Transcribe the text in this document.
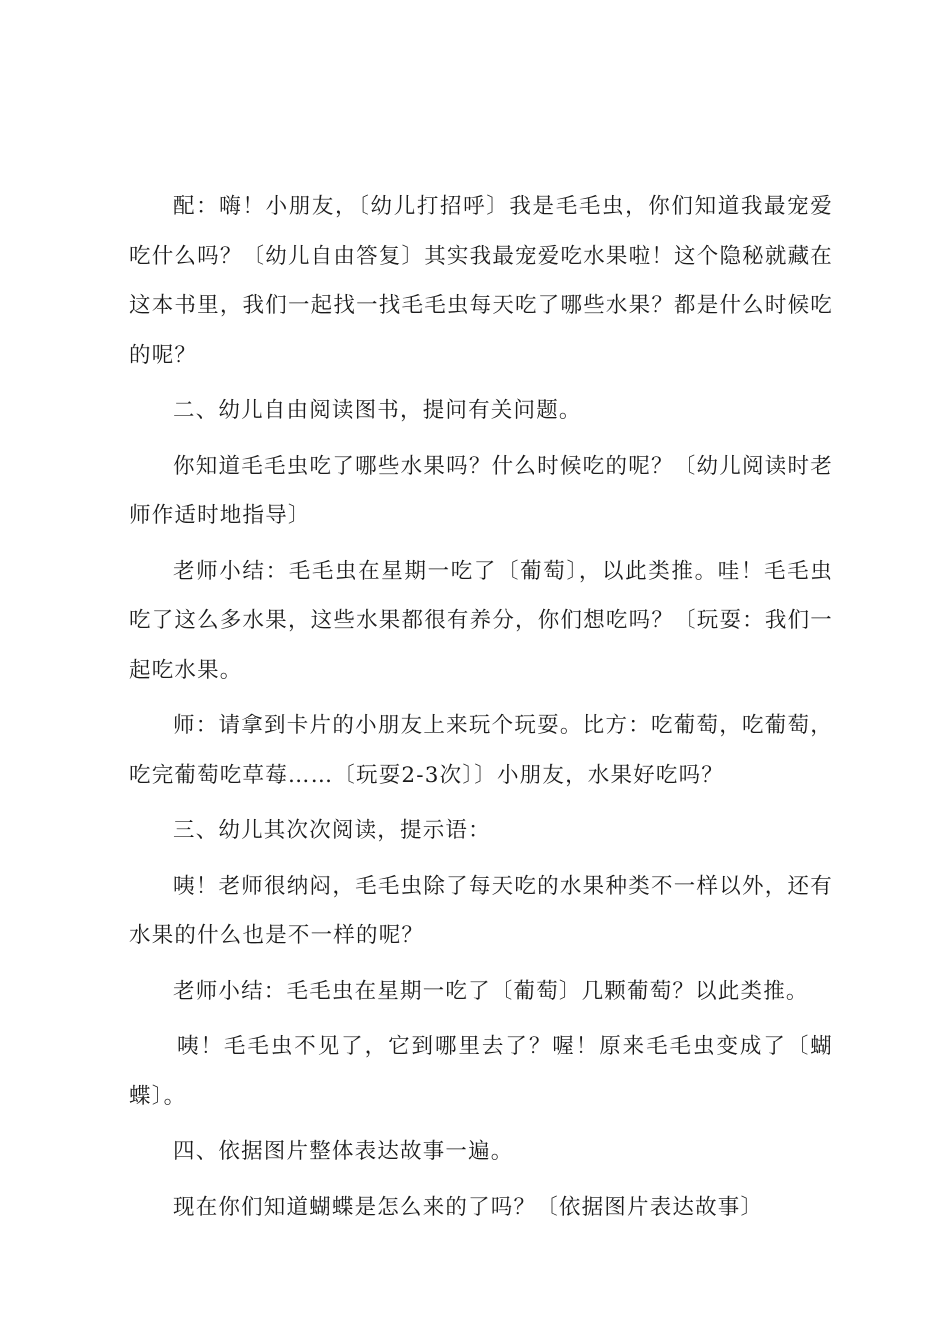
配：嗨！小朋友，〔幼儿打招呼〕我是毛毛虫，你们知道我最宠爱吃什么吗？〔幼儿自由答复〕其实我最宠爱吃水果啦！这个隐秘就藏在这本书里，我们一起找一找毛毛虫每天吃了哪些水果？都是什么时候吃的呢？

二、幼儿自由阅读图书，提问有关问题。

你知道毛毛虫吃了哪些水果吗？什么时候吃的呢？〔幼儿阅读时老师作适时地指导〕

老师小结：毛毛虫在星期一吃了〔葡萄〕，以此类推。哇！毛毛虫吃了这么多水果，这些水果都很有养分，你们想吃吗？〔玩耍：我们一起吃水果。

师：请拿到卡片的小朋友上来玩个玩耍。比方：吃葡萄，吃葡萄，吃完葡萄吃草莓……〔玩耍2-3次〕〕小朋友，水果好吃吗？

三、幼儿其次次阅读，提示语：

咦！老师很纳闷，毛毛虫除了每天吃的水果种类不一样以外，还有水果的什么也是不一样的呢？

老师小结：毛毛虫在星期一吃了〔葡萄〕几颗葡萄？以此类推。

咦！毛毛虫不见了，它到哪里去了？喔！原来毛毛虫变成了〔蝴蝶〕。

四、依据图片整体表达故事一遍。

现在你们知道蝴蝶是怎么来的了吗？〔依据图片表达故事〕
